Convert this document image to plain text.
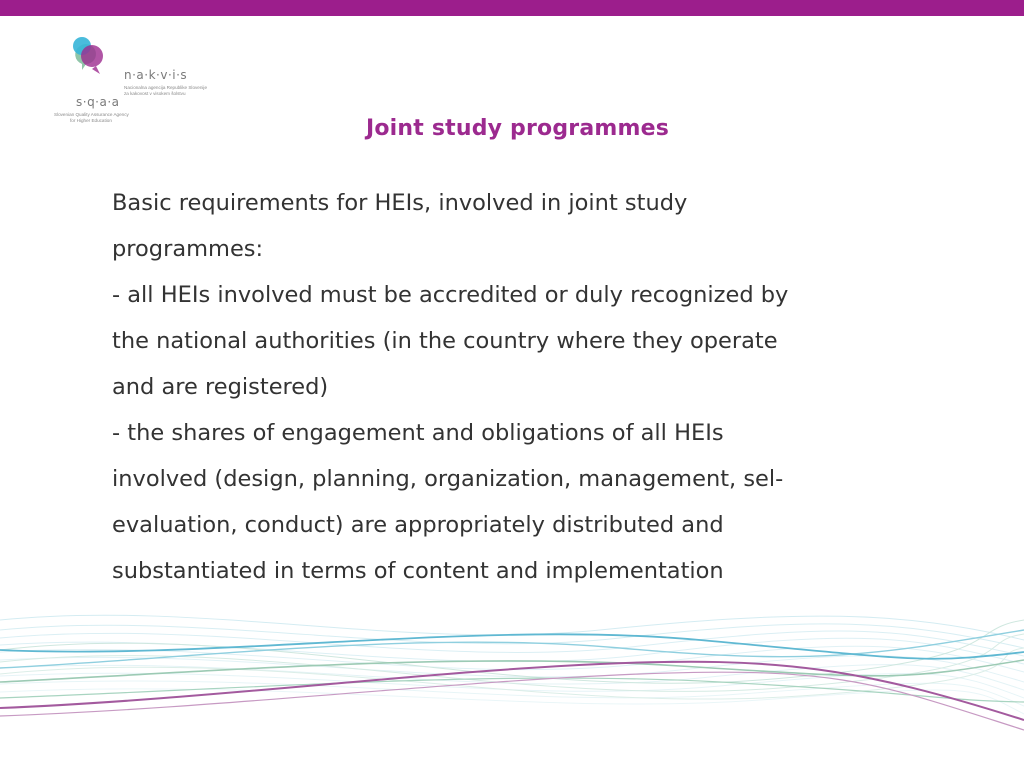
n·a·k·v·i·s
Nacionalna agencija Republike Slovenije
za kakovost v visokem šolstvu
s·q·a·a
Slovenian Quality Assurance Agency
for Higher Education	Joint study programmes

Basic requirements for HEIs, involved in joint study

programmes:

- all HEIs involved must be accredited or duly recognized by

the national authorities (in the country where they operate

and are registered)

- the shares of engagement and obligations of all HEIs

involved (design, planning, organization, management, sel-

evaluation, conduct) are appropriately distributed and

substantiated in terms of content and implementation
